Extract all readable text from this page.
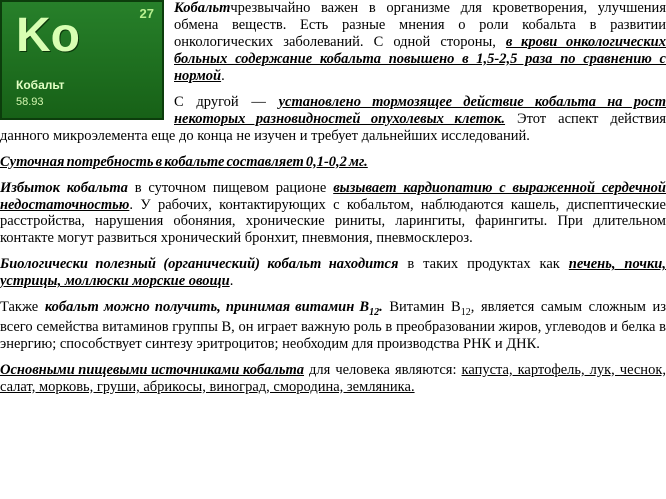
27
Ko
Кобальт
58.93

Кобальтчрезвычайно важен в организме для кроветворения, улучшения обмена веществ. Есть разные мнения о роли кобальта в развитии онкологических заболеваний. С одной стороны, в крови онкологических больных содержание кобальта повышено в 1,5-2,5 раза по сравнению с нормой.

С другой — установлено тормозящее действие кобальта на рост некоторых разновидностей опухолевых клеток. Этот аспект действия данного микроэлемента еще до конца не изучен и требует дальнейших исследований.

Суточная потребность в кобальте составляет 0,1-0,2 мг.

Избыток кобальта в суточном пищевом рационе вызывает кардиопатию с выраженной сердечной недостаточностью. У рабочих, контактирующих с кобальтом, наблюдаются кашель, диспептические расстройства, нарушения обоняния, хронические риниты, ларингиты, фарингиты. При длительном контакте могут развиться хронический бронхит, пневмония, пневмосклероз.

Биологически полезный (органический) кобальт находится в таких продуктах как печень, почки, устрицы, моллюски морские овощи.

Также кобальт можно получить, принимая витамин $B_{12}$. Витамин $B_{12}$, является самым сложным из всего семейства витаминов группы В, он играет важную роль в преобразовании жиров, углеводов и белка в энергию; способствует синтезу эритроцитов; необходим для производства РНК и ДНК.

Основными пищевыми источниками кобальта для человека являются: капуста, картофель, лук, чеснок, салат, морковь, груши, абрикосы, виноград, смородина, земляника.
